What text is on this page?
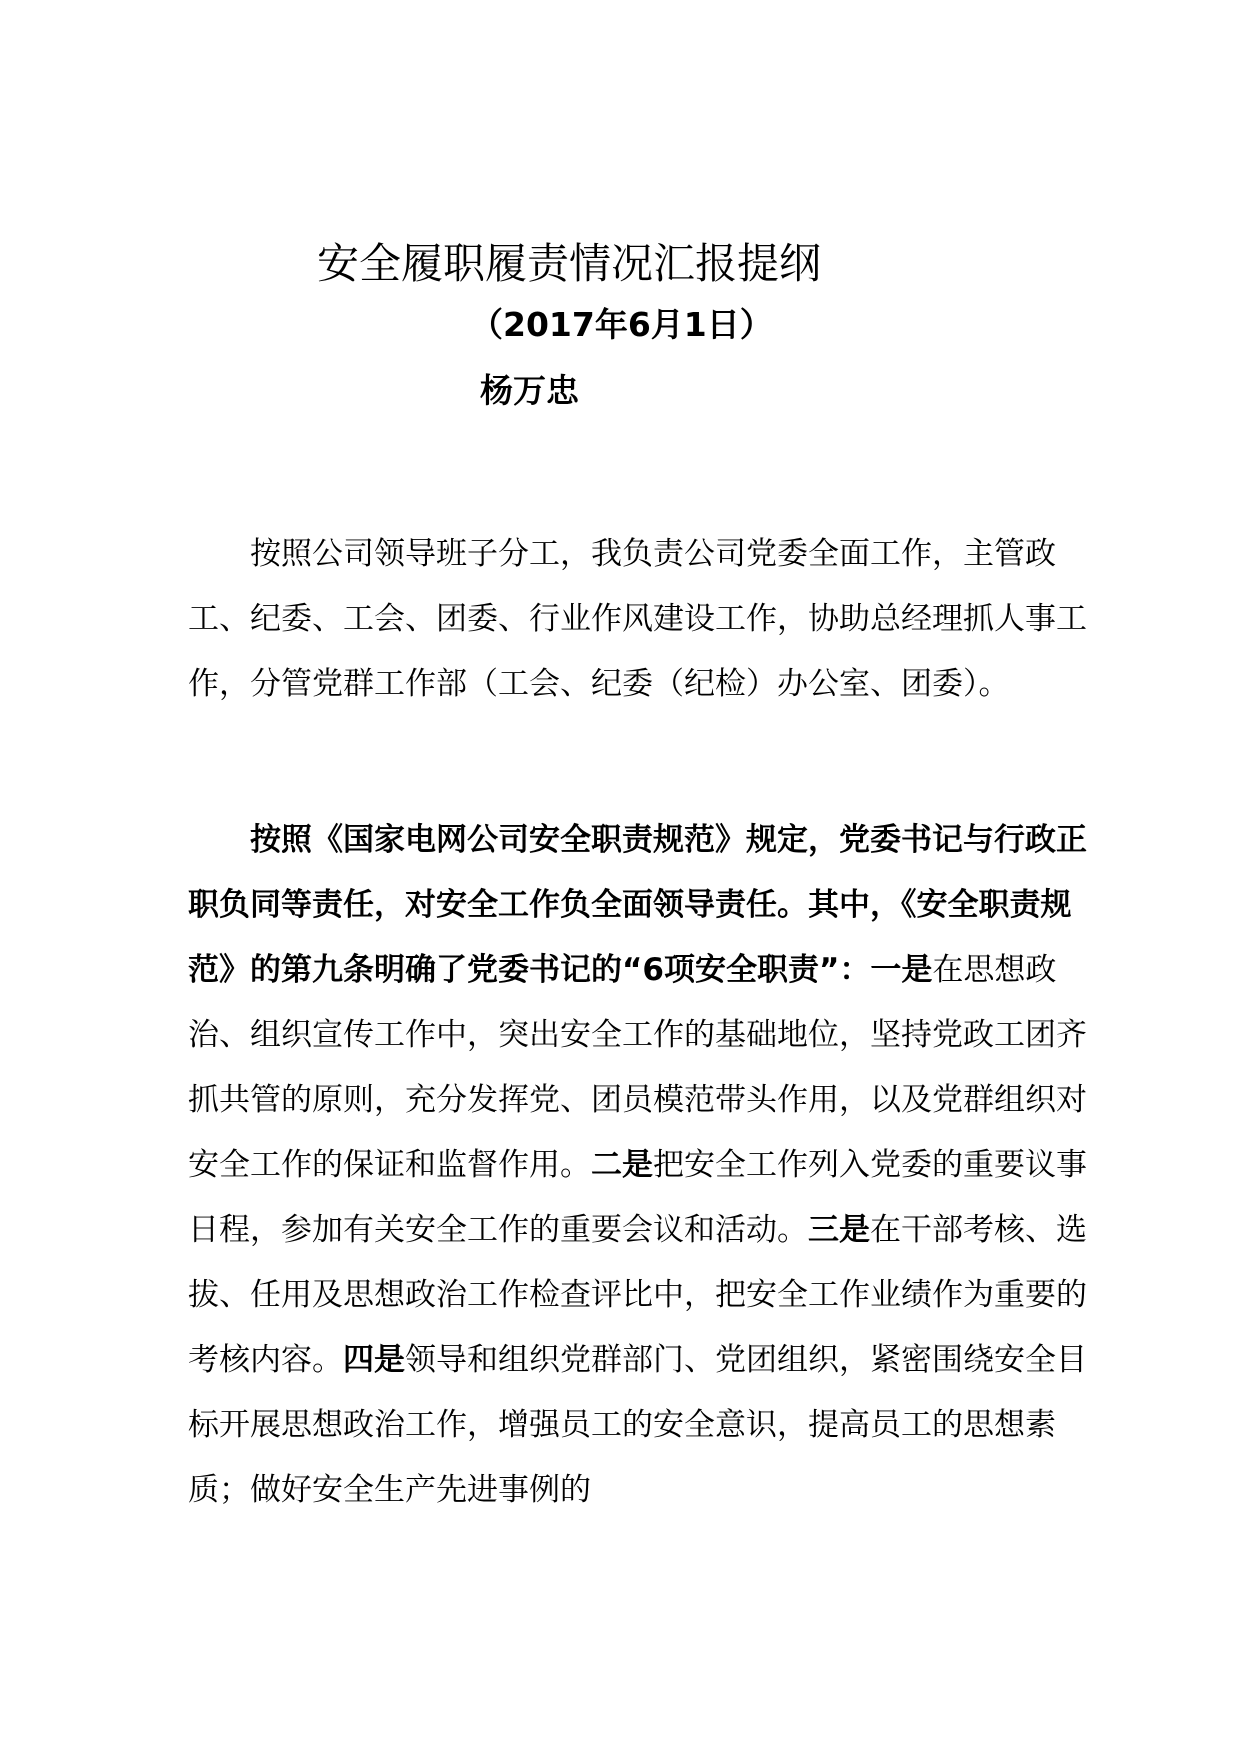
安全履职履责情况汇报提纲
（2017年6月1日）
杨万忠

按照公司领导班子分工，我负责公司党委全面工作，主管政工、纪委、工会、团委、行业作风建设工作，协助总经理抓人事工作，分管党群工作部（工会、纪委（纪检）办公室、团委）。

按照《国家电网公司安全职责规范》规定，党委书记与行政正职负同等责任，对安全工作负全面领导责任。其中，《安全职责规范》的第九条明确了党委书记的“6项安全职责”：一是在思想政治、组织宣传工作中，突出安全工作的基础地位，坚持党政工团齐抓共管的原则，充分发挥党、团员模范带头作用，以及党群组织对安全工作的保证和监督作用。二是把安全工作列入党委的重要议事日程，参加有关安全工作的重要会议和活动。三是在干部考核、选拔、任用及思想政治工作检查评比中，把安全工作业绩作为重要的考核内容。四是领导和组织党群部门、党团组织，紧密围绕安全目标开展思想政治工作，增强员工的安全意识，提高员工的思想素质；做好安全生产先进事例的
